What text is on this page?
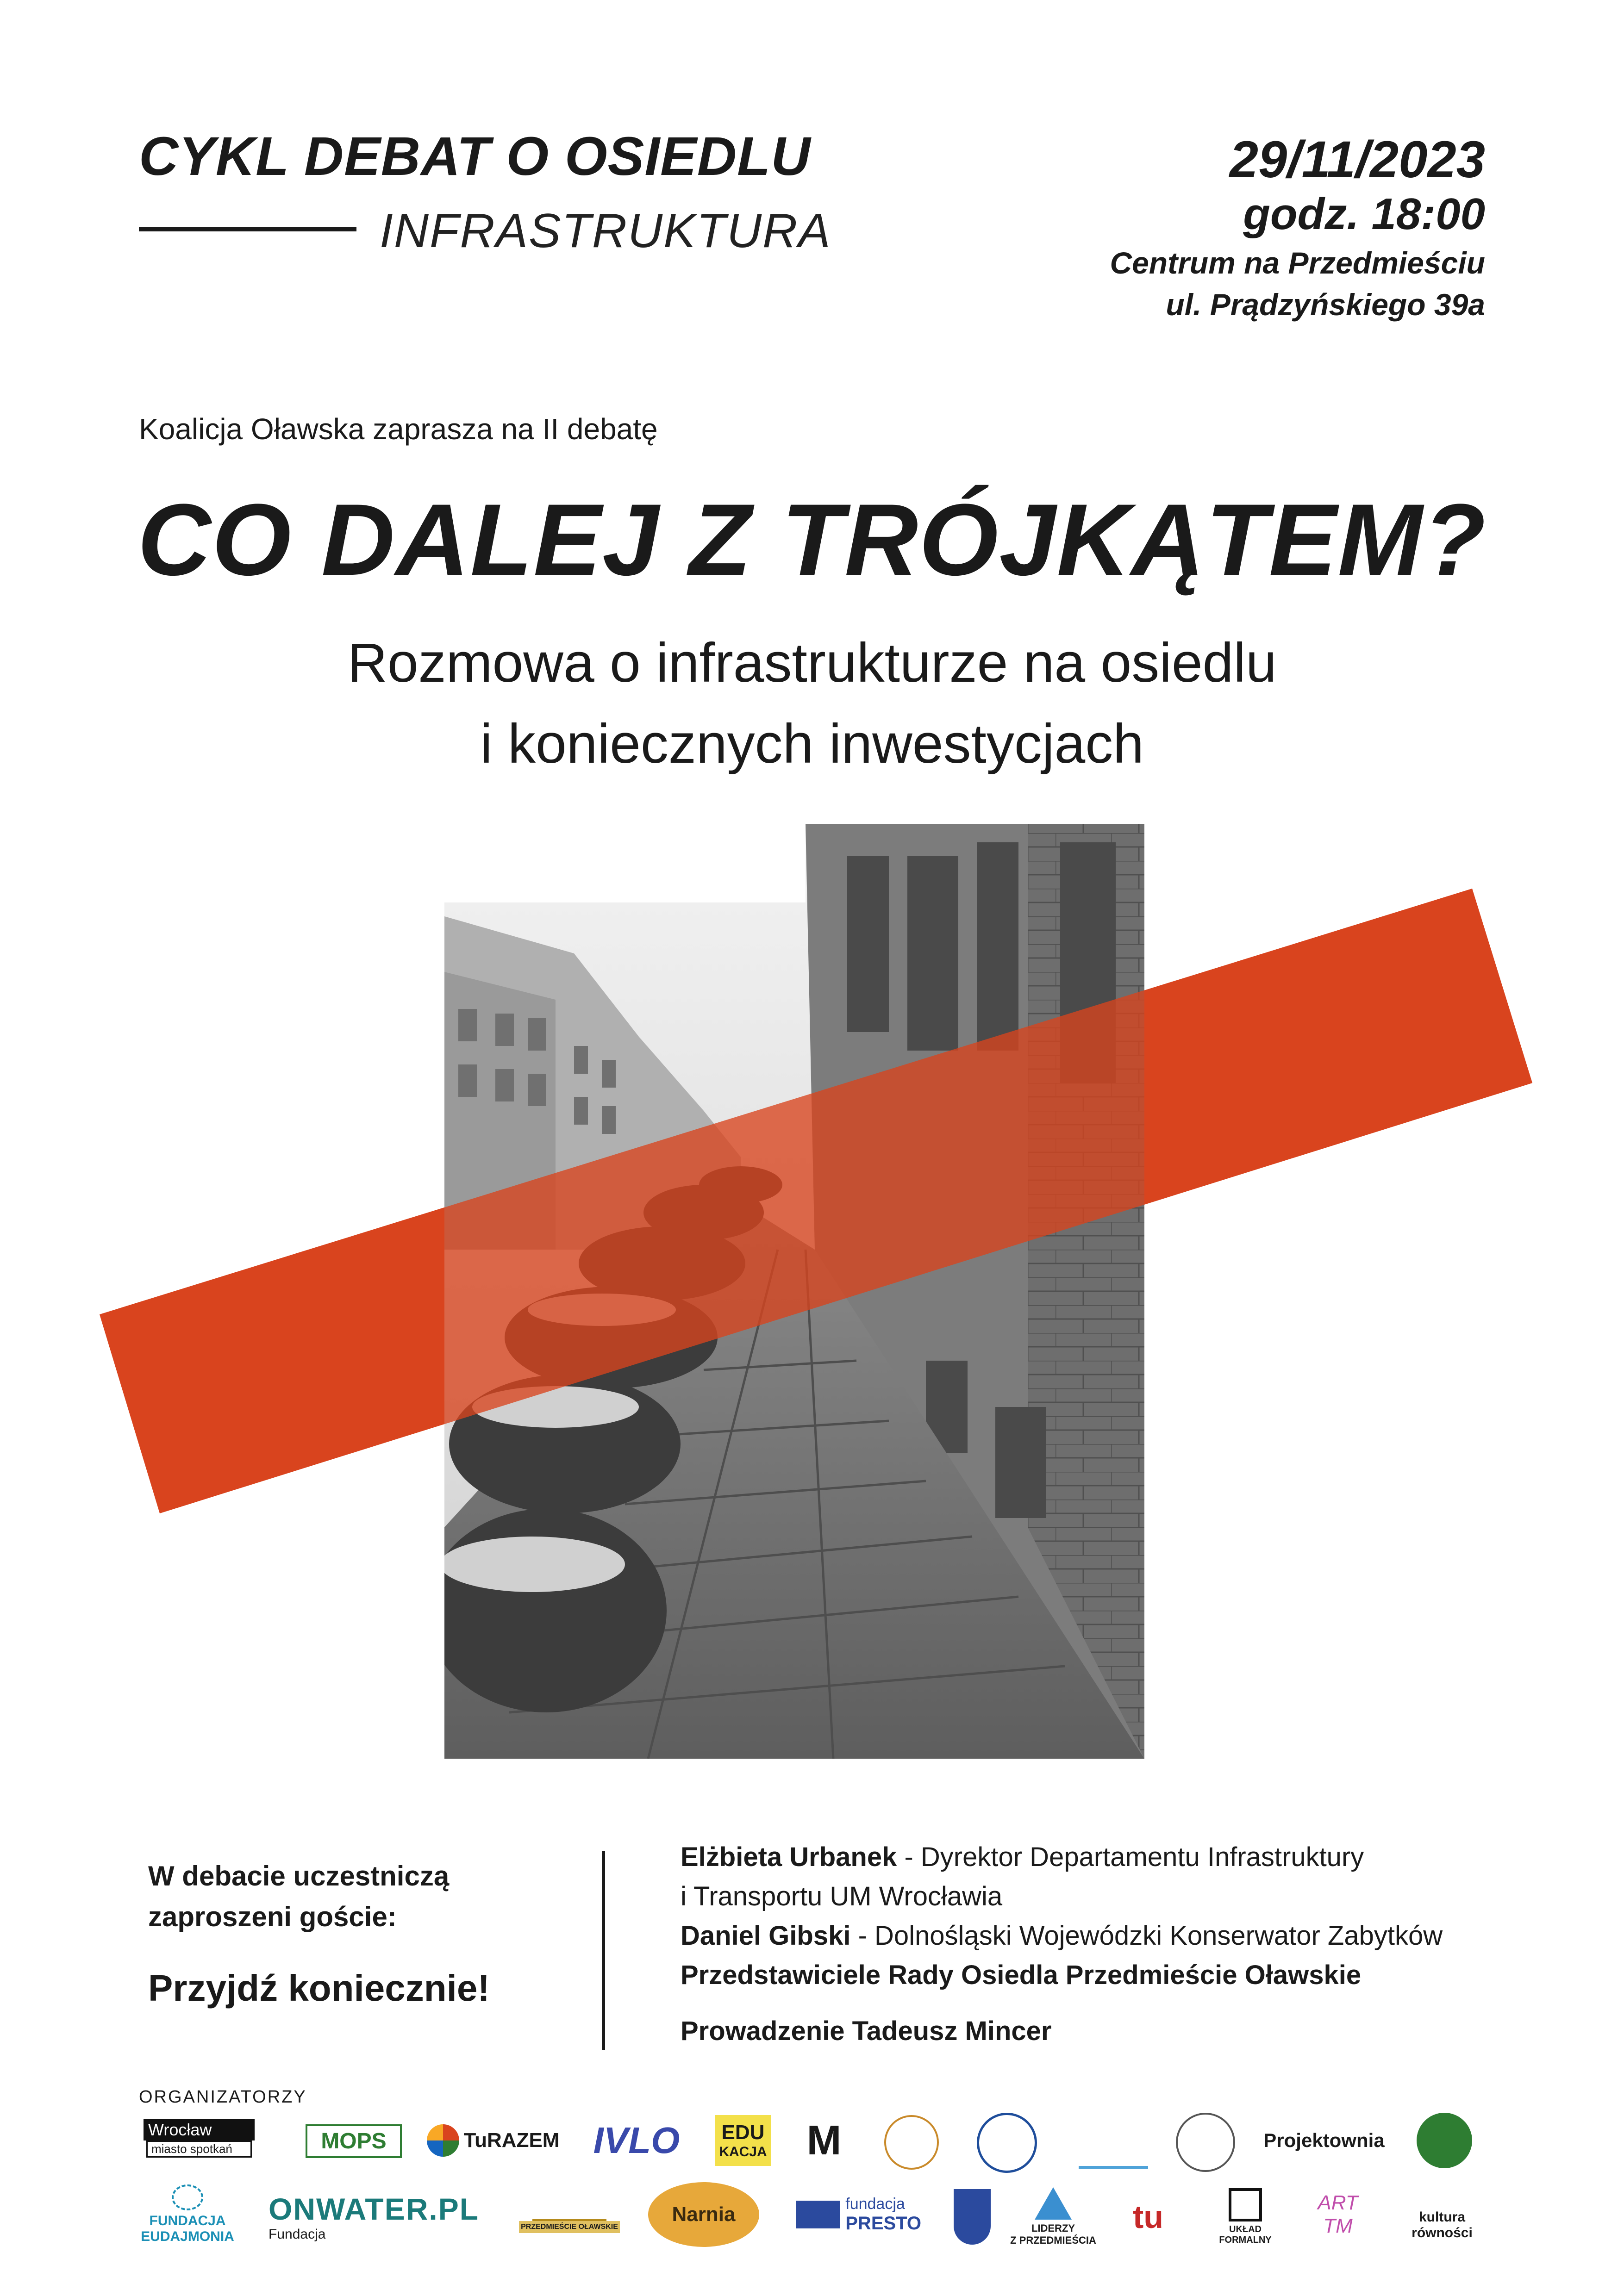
CYKL DEBAT O OSIEDLU
INFRASTRUKTURA
29/11/2023
godz. 18:00
Centrum na Przedmieściu
ul. Prądzyńskiego 39a
Koalicja Oławska zaprasza na II debatę
CO DALEJ Z TRÓJKĄTEM?
Rozmowa o infrastrukturze na osiedlu
i koniecznych inwestycjach
W debacie uczestniczą
zaproszeni goście:
Przyjdź koniecznie!
Elżbieta Urbanek - Dyrektor Departamentu Infrastruktury
i Transportu UM Wrocławia
Daniel Gibski - Dolnośląski Wojewódzki Konserwator Zabytków
Przedstawiciele Rady Osiedla Przedmieście Oławskie
Prowadzenie Tadeusz Mincer
ORGANIZATORZY
Wrocław
miasto spotkań	MOPS	TuRAZEM IVLO	EDU
KACJA M	Projektownia
FUNDACJA
EUDAJMONIA
ONWATER.PL
Fundacja	PRZEDMIEŚCIE OŁAWSKIE
Narnia	fundacja
PRESTO	LIDERZY
Z PRZEDMIEŚCIA
tu	UKŁAD
FORMALNY
ART
TM	kultura
równości
